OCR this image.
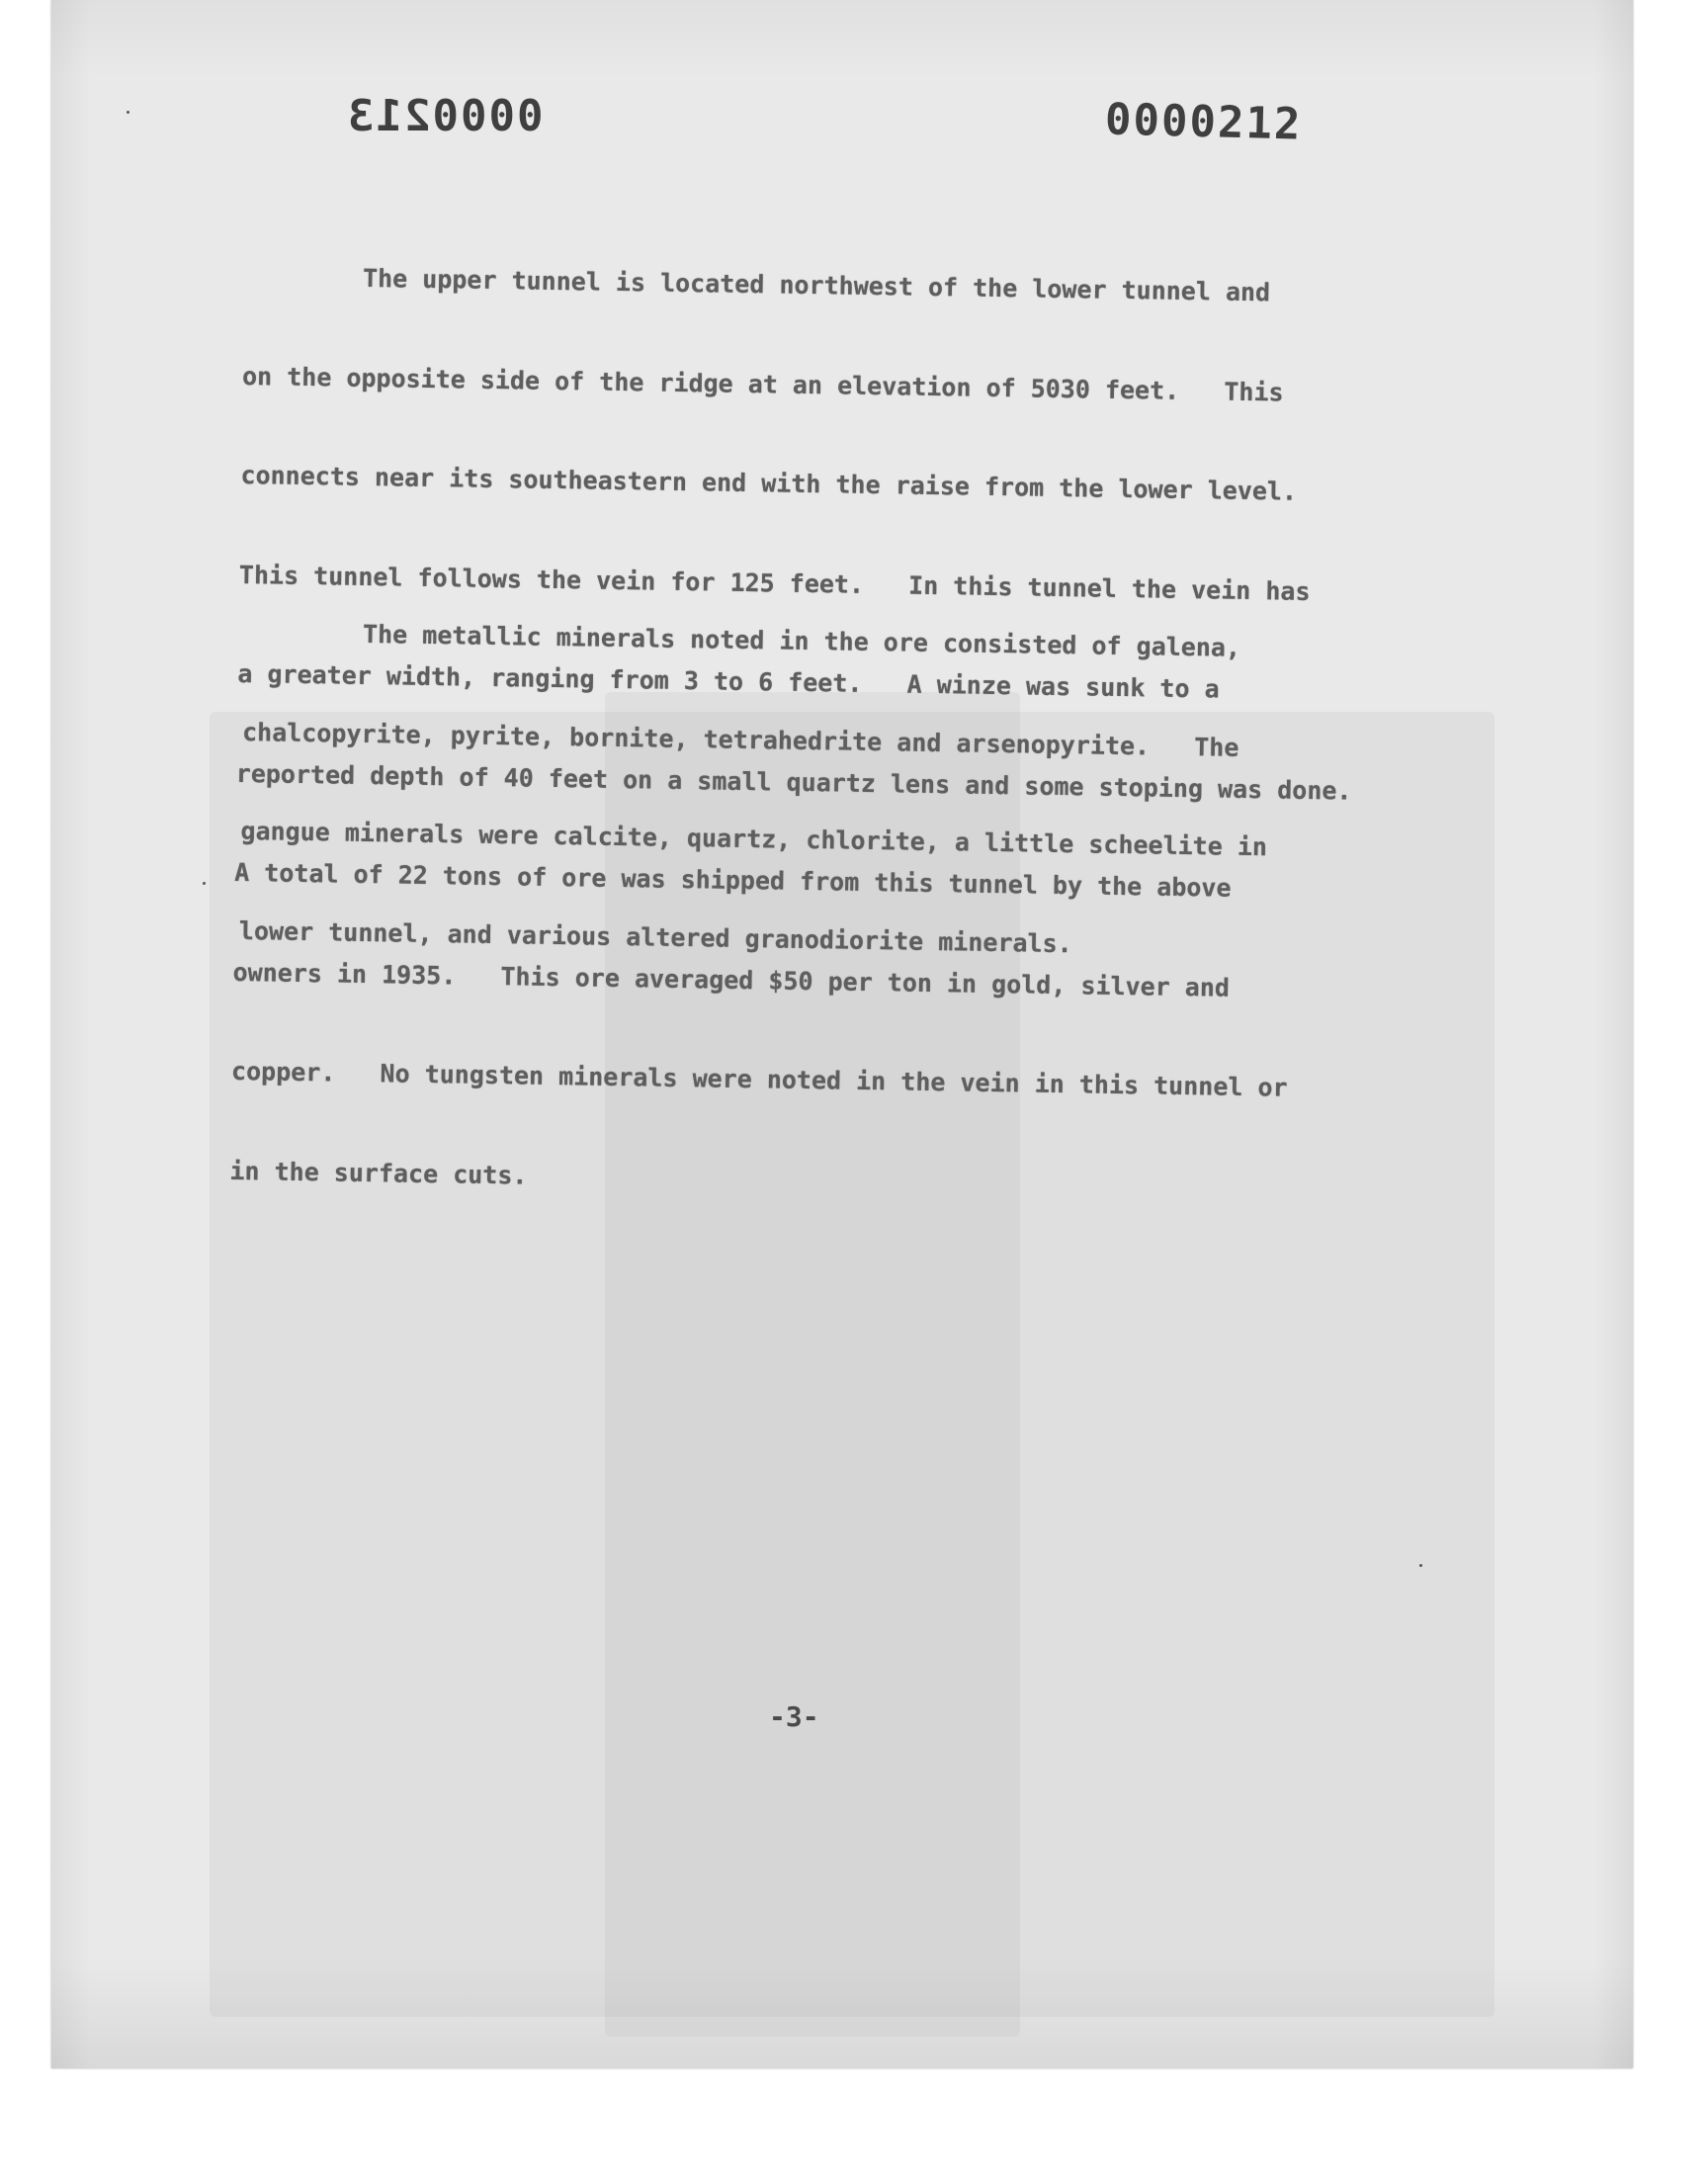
0000213	0000212

The upper tunnel is located northwest of the lower tunnel and

on the opposite side of the ridge at an elevation of 5030 feet.   This

connects near its southeastern end with the raise from the lower level.

This tunnel follows the vein for 125 feet.   In this tunnel the vein has

a greater width, ranging from 3 to 6 feet.   A winze was sunk to a

reported depth of 40 feet on a small quartz lens and some stoping was done.

A total of 22 tons of ore was shipped from this tunnel by the above

owners in 1935.   This ore averaged $50 per ton in gold, silver and

copper.   No tungsten minerals were noted in the vein in this tunnel or

in the surface cuts.

The metallic minerals noted in the ore consisted of galena,

chalcopyrite, pyrite, bornite, tetrahedrite and arsenopyrite.   The

gangue minerals were calcite, quartz, chlorite, a little scheelite in

lower tunnel, and various altered granodiorite minerals.

-3-
